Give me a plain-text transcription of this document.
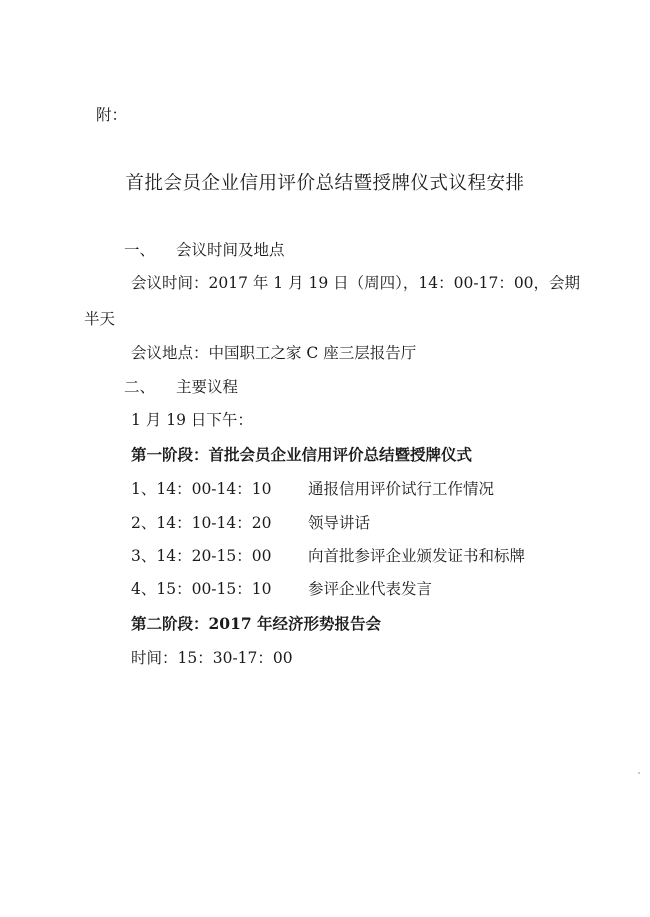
附：
首批会员企业信用评价总结暨授牌仪式议程安排
一、 会议时间及地点
会议时间：2017 年 1 月 19 日（周四），14：00-17：00，会期
半天
会议地点：中国职工之家 C 座三层报告厅
二、 主要议程
1 月 19 日下午：
第一阶段：首批会员企业信用评价总结暨授牌仪式
1、14：00-14：10 通报信用评价试行工作情况
2、14：10-14：20 领导讲话
3、14：20-15：00 向首批参评企业颁发证书和标牌
4、15：00-15：10 参评企业代表发言
第二阶段：2017 年经济形势报告会
时间：15：30-17：00
